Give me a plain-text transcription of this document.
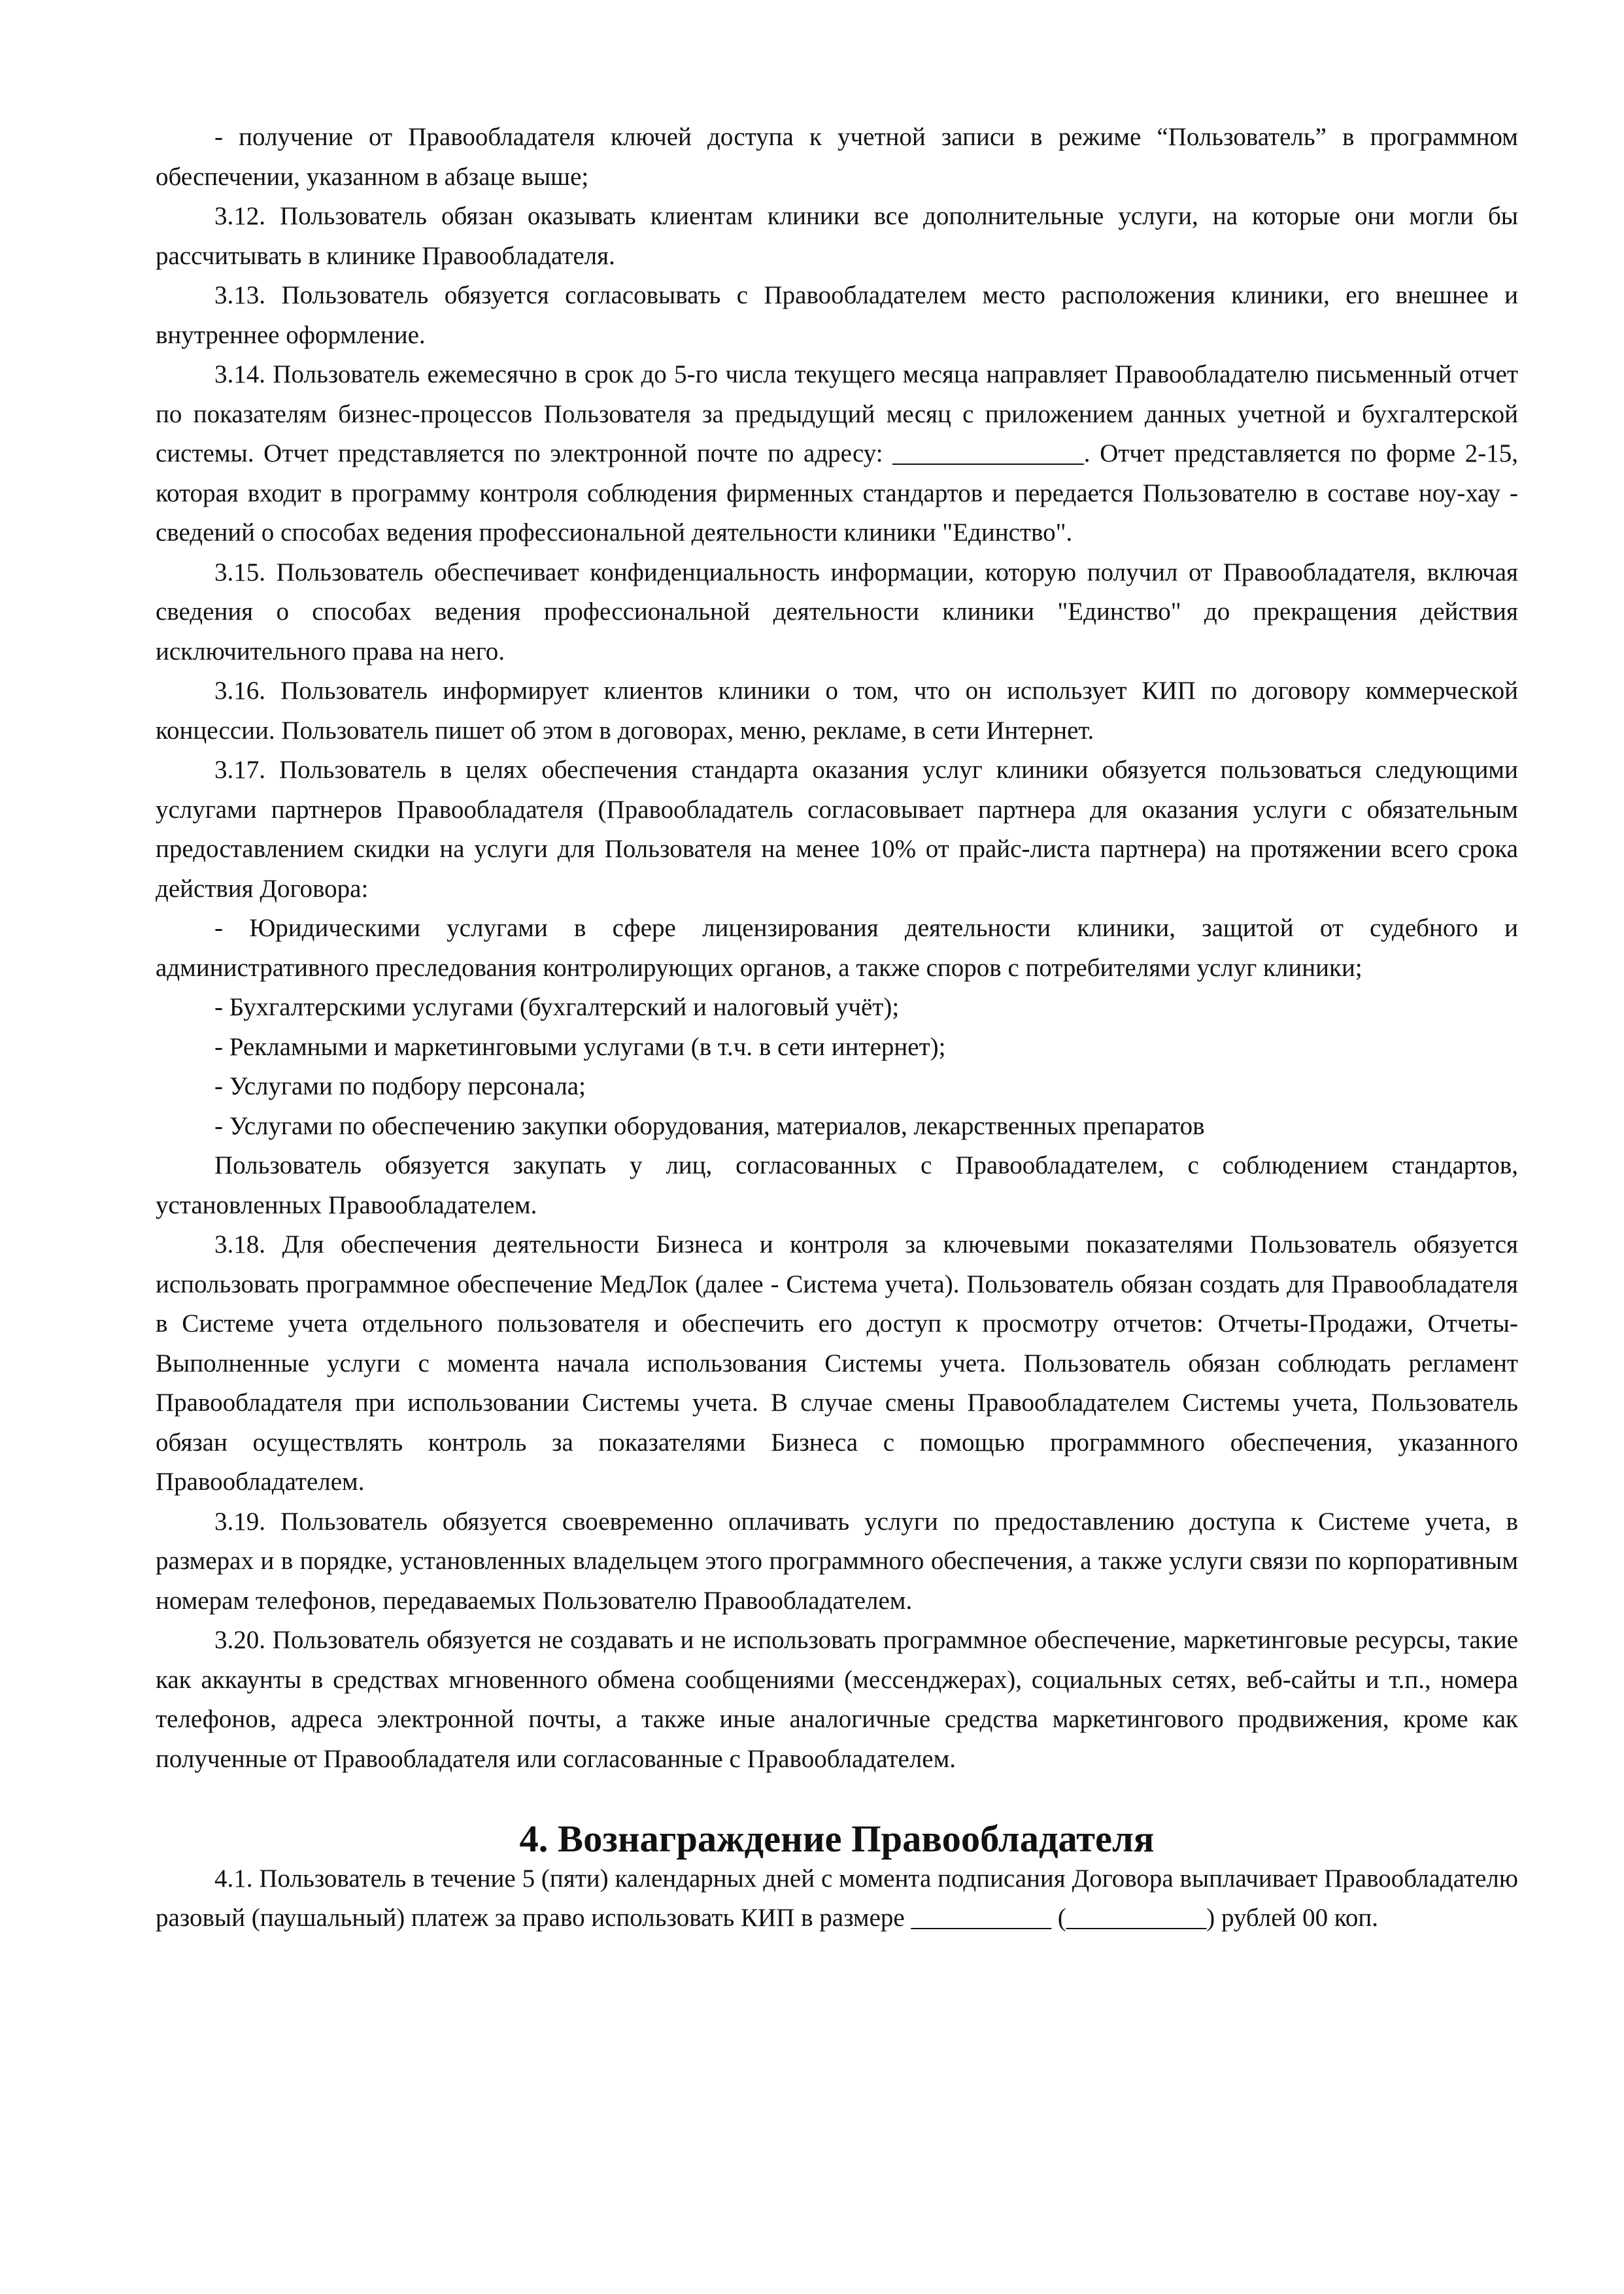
- получение от Правообладателя ключей доступа к учетной записи в режиме “Пользователь” в программном обеспечении, указанном в абзаце выше;

3.12. Пользователь обязан оказывать клиентам клиники все дополнительные услуги, на которые они могли бы рассчитывать в клинике Правообладателя.

3.13. Пользователь обязуется согласовывать с Правообладателем место расположения клиники, его внешнее и внутреннее оформление.

3.14. Пользователь ежемесячно в срок до 5-го числа текущего месяца направляет Правообладателю письменный отчет по показателям бизнес-процессов Пользователя за предыдущий месяц с приложением данных учетной и бухгалтерской системы. Отчет представляется по электронной почте по адресу: _______________. Отчет представляется по форме 2-15, которая входит в программу контроля соблюдения фирменных стандартов и передается Пользователю в составе ноу-хау - сведений о способах ведения профессиональной деятельности клиники "Единство".

3.15. Пользователь обеспечивает конфиденциальность информации, которую получил от Правообладателя, включая сведения о способах ведения профессиональной деятельности клиники "Единство" до прекращения действия исключительного права на него.

3.16. Пользователь информирует клиентов клиники о том, что он использует КИП по договору коммерческой концессии. Пользователь пишет об этом в договорах, меню, рекламе, в сети Интернет.

3.17. Пользователь в целях обеспечения стандарта оказания услуг клиники обязуется пользоваться следующими услугами партнеров Правообладателя (Правообладатель согласовывает партнера для оказания услуги с обязательным предоставлением скидки на услуги для Пользователя на менее 10% от прайс-листа партнера) на протяжении всего срока действия Договора:

- Юридическими услугами в сфере лицензирования деятельности клиники, защитой от судебного и административного преследования контролирующих органов, а также споров с потребителями услуг клиники;

- Бухгалтерскими услугами (бухгалтерский и налоговый учёт);

- Рекламными и маркетинговыми услугами (в т.ч. в сети интернет);

- Услугами по подбору персонала;

- Услугами по обеспечению закупки оборудования, материалов, лекарственных препаратов

Пользователь обязуется закупать у лиц, согласованных с Правообладателем, с соблюдением стандартов, установленных Правообладателем.

3.18. Для обеспечения деятельности Бизнеса и контроля за ключевыми показателями Пользователь обязуется использовать программное обеспечение МедЛок (далее - Система учета). Пользователь обязан создать для Правообладателя в Системе учета отдельного пользователя и обеспечить его доступ к просмотру отчетов: Отчеты-Продажи, Отчеты-Выполненные услуги с момента начала использования Системы учета. Пользователь обязан соблюдать регламент Правообладателя при использовании Системы учета. В случае смены Правообладателем Системы учета, Пользователь обязан осуществлять контроль за показателями Бизнеса с помощью программного обеспечения, указанного Правообладателем.

3.19. Пользователь обязуется своевременно оплачивать услуги по предоставлению доступа к Системе учета, в размерах и в порядке, установленных владельцем этого программного обеспечения, а также услуги связи по корпоративным номерам телефонов, передаваемых Пользователю Правообладателем.

3.20. Пользователь обязуется не создавать и не использовать программное обеспечение, маркетинговые ресурсы, такие как аккаунты в средствах мгновенного обмена сообщениями (мессенджерах), социальных сетях, веб-сайты и т.п., номера телефонов, адреса электронной почты, а также иные аналогичные средства маркетингового продвижения, кроме как полученные от Правообладателя или согласованные с Правообладателем.

4. Вознаграждение Правообладателя

4.1. Пользователь в течение 5 (пяти) календарных дней с момента подписания Договора выплачивает Правообладателю разовый (паушальный) платеж за право использовать КИП в размере ___________ (___________) рублей 00 коп.
